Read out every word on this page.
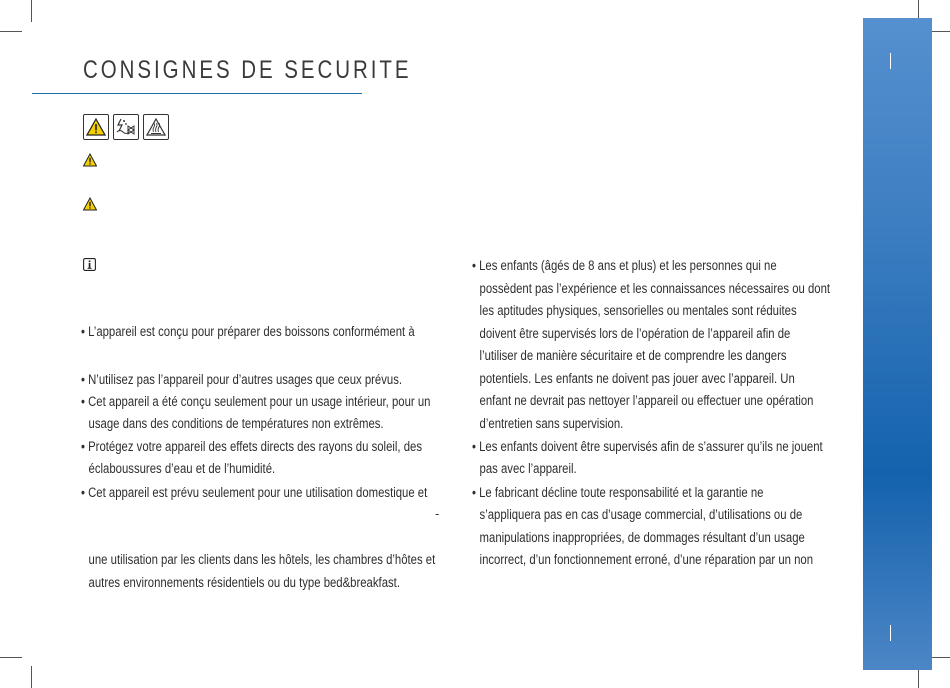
CONSIGNES DE SECURITE

• L’appareil est conçu pour préparer des boissons conformément à

• N’utilisez pas l’appareil pour d’autres usages que ceux prévus.

• Cet appareil a été conçu seulement pour un usage intérieur, pour un

usage dans des conditions de températures non extrêmes.

• Protégez votre appareil des effets directs des rayons du soleil, des

éclaboussures d’eau et de l’humidité.

• Cet appareil est prévu seulement pour une utilisation domestique et

une utilisation par les clients dans les hôtels, les chambres d’hôtes et

autres environnements résidentiels ou du type bed&breakfast.

-

• Les enfants (âgés de 8 ans et plus) et les personnes qui ne

possèdent pas l’expérience et les connaissances nécessaires ou dont

les aptitudes physiques, sensorielles ou mentales sont réduites

doivent être supervisés lors de l’opération de l’appareil afin de

l’utiliser de manière sécuritaire et de comprendre les dangers

potentiels. Les enfants ne doivent pas jouer avec l’appareil. Un

enfant ne devrait pas nettoyer l’appareil ou effectuer une opération

d’entretien sans supervision.

• Les enfants doivent être supervisés afin de s’assurer qu’ils ne jouent

pas avec l’appareil.

• Le fabricant décline toute responsabilité et la garantie ne

s’appliquera pas en cas d’usage commercial, d’utilisations ou de

manipulations inappropriées, de dommages résultant d’un usage

incorrect, d’un fonctionnement erroné, d’une réparation par un non
